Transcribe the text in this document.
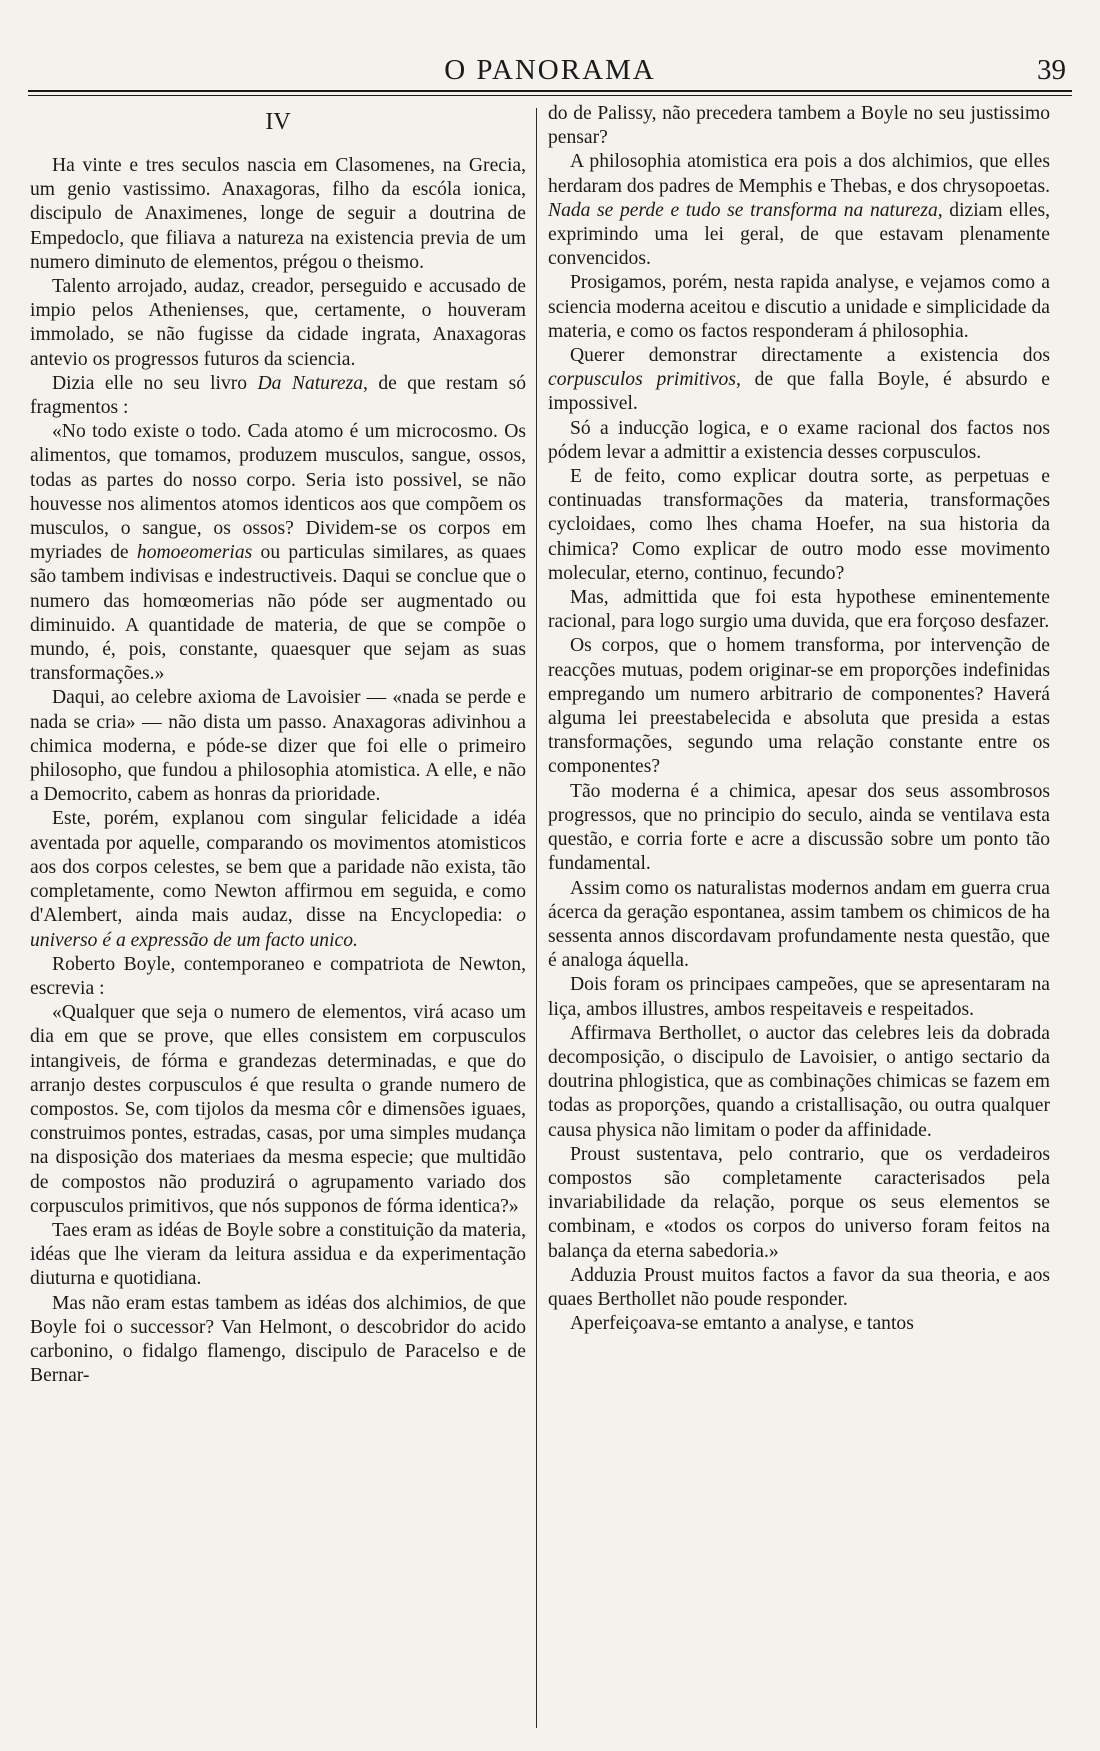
O PANORAMA	39
IV

Ha vinte e tres seculos nascia em Clasomenes, na Grecia, um genio vastissimo. Anaxagoras, filho da escóla ionica, discipulo de Anaximenes, longe de seguir a doutrina de Empedoclo, que filiava a natureza na existencia previa de um numero diminuto de elementos, prégou o theismo.

Talento arrojado, audaz, creador, perseguido e accusado de impio pelos Athenienses, que, certamente, o houveram immolado, se não fugisse da cidade ingrata, Anaxagoras antevio os progressos futuros da sciencia.

Dizia elle no seu livro Da Natureza, de que restam só fragmentos :

«No todo existe o todo. Cada atomo é um microcosmo. Os alimentos, que tomamos, produzem musculos, sangue, ossos, todas as partes do nosso corpo. Seria isto possivel, se não houvesse nos alimentos atomos identicos aos que compõem os musculos, o sangue, os ossos? Dividem-se os corpos em myriades de homoeomerias ou particulas similares, as quaes são tambem indivisas e indestructiveis. Daqui se conclue que o numero das homœomerias não póde ser augmentado ou diminuido. A quantidade de materia, de que se compõe o mundo, é, pois, constante, quaesquer que sejam as suas transformações.»

Daqui, ao celebre axioma de Lavoisier — «nada se perde e nada se cria» — não dista um passo. Anaxagoras adivinhou a chimica moderna, e póde-se dizer que foi elle o primeiro philosopho, que fundou a philosophia atomistica. A elle, e não a Democrito, cabem as honras da prioridade.

Este, porém, explanou com singular felicidade a idéa aventada por aquelle, comparando os movimentos atomisticos aos dos corpos celestes, se bem que a paridade não exista, tão completamente, como Newton affirmou em seguida, e como d'Alembert, ainda mais audaz, disse na Encyclopedia: o universo é a expressão de um facto unico.

Roberto Boyle, contemporaneo e compatriota de Newton, escrevia :

«Qualquer que seja o numero de elementos, virá acaso um dia em que se prove, que elles consistem em corpusculos intangiveis, de fórma e grandezas determinadas, e que do arranjo destes corpusculos é que resulta o grande numero de compostos. Se, com tijolos da mesma côr e dimensões iguaes, construimos pontes, estradas, casas, por uma simples mudança na disposição dos materiaes da mesma especie; que multidão de compostos não produzirá o agrupamento variado dos corpusculos primitivos, que nós supponos de fórma identica?»

Taes eram as idéas de Boyle sobre a constituição da materia, idéas que lhe vieram da leitura assidua e da experimentação diuturna e quotidiana.

Mas não eram estas tambem as idéas dos alchimios, de que Boyle foi o successor? Van Helmont, o descobridor do acido carbonino, o fidalgo flamengo, discipulo de Paracelso e de Bernar-

do de Palissy, não precedera tambem a Boyle no seu justissimo pensar?

A philosophia atomistica era pois a dos alchimios, que elles herdaram dos padres de Memphis e Thebas, e dos chrysopoetas. Nada se perde e tudo se transforma na natureza, diziam elles, exprimindo uma lei geral, de que estavam plenamente convencidos.

Prosigamos, porém, nesta rapida analyse, e vejamos como a sciencia moderna aceitou e discutio a unidade e simplicidade da materia, e como os factos responderam á philosophia.

Querer demonstrar directamente a existencia dos corpusculos primitivos, de que falla Boyle, é absurdo e impossivel.

Só a inducção logica, e o exame racional dos factos nos pódem levar a admittir a existencia desses corpusculos.

E de feito, como explicar doutra sorte, as perpetuas e continuadas transformações da materia, transformações cycloidaes, como lhes chama Hoefer, na sua historia da chimica? Como explicar de outro modo esse movimento molecular, eterno, continuo, fecundo?

Mas, admittida que foi esta hypothese eminentemente racional, para logo surgio uma duvida, que era forçoso desfazer.

Os corpos, que o homem transforma, por intervenção de reacções mutuas, podem originar-se em proporções indefinidas empregando um numero arbitrario de componentes? Haverá alguma lei preestabelecida e absoluta que presida a estas transformações, segundo uma relação constante entre os componentes?

Tão moderna é a chimica, apesar dos seus assombrosos progressos, que no principio do seculo, ainda se ventilava esta questão, e corria forte e acre a discussão sobre um ponto tão fundamental.

Assim como os naturalistas modernos andam em guerra crua ácerca da geração espontanea, assim tambem os chimicos de ha sessenta annos discordavam profundamente nesta questão, que é analoga áquella.

Dois foram os principaes campeões, que se apresentaram na liça, ambos illustres, ambos respeitaveis e respeitados.

Affirmava Berthollet, o auctor das celebres leis da dobrada decomposição, o discipulo de Lavoisier, o antigo sectario da doutrina phlogistica, que as combinações chimicas se fazem em todas as proporções, quando a cristallisação, ou outra qualquer causa physica não limitam o poder da affinidade.

Proust sustentava, pelo contrario, que os verdadeiros compostos são completamente caracterisados pela invariabilidade da relação, porque os seus elementos se combinam, e «todos os corpos do universo foram feitos na balança da eterna sabedoria.»

Adduzia Proust muitos factos a favor da sua theoria, e aos quaes Berthollet não poude responder.

Aperfeiçoava-se emtanto a analyse, e tantos
